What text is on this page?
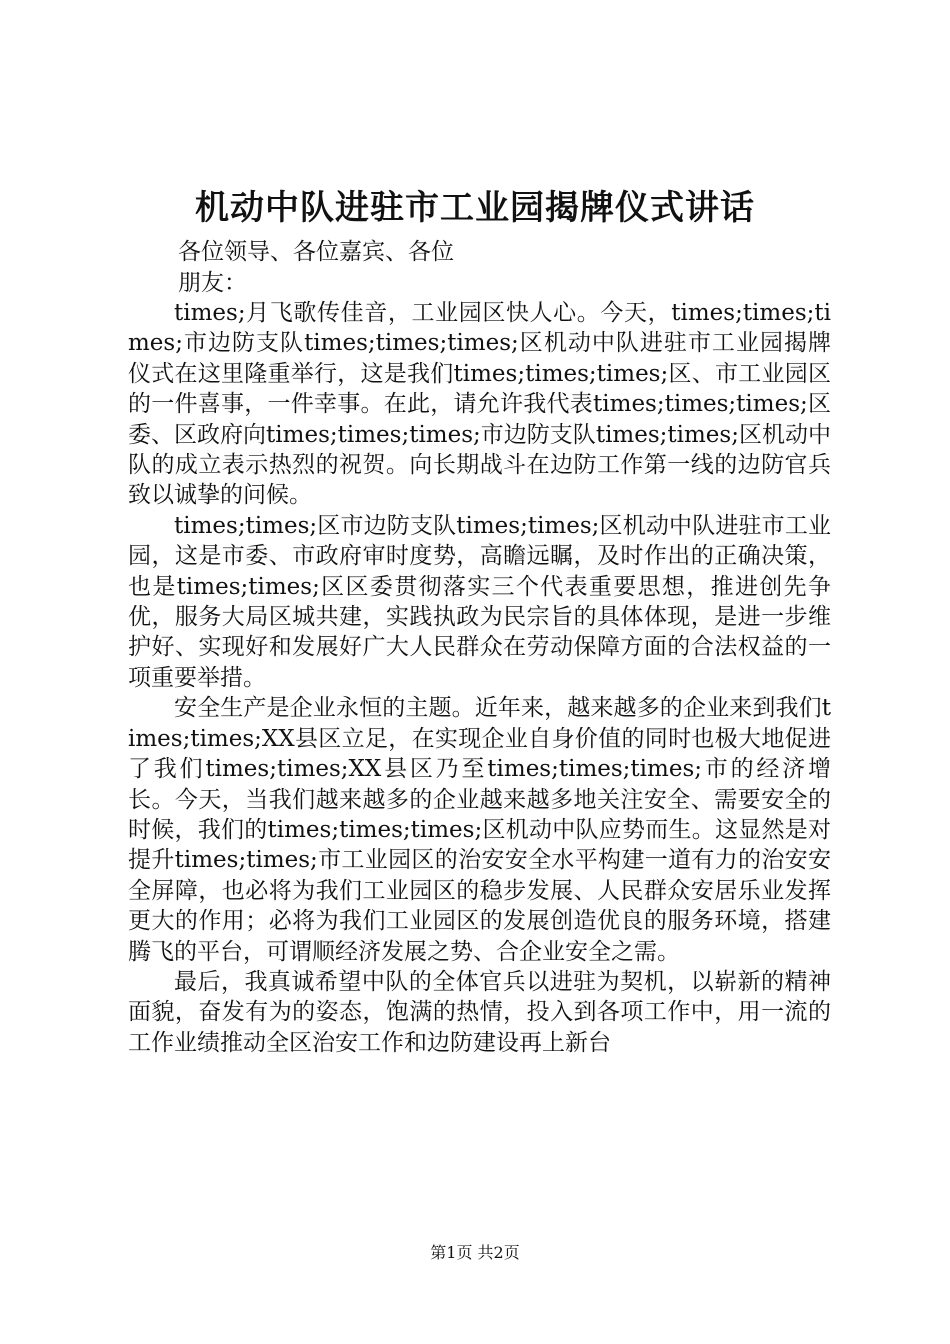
机动中队进驻市工业园揭牌仪式讲话

各位领导、各位嘉宾、各位

朋友：

times;月飞歌传佳音，工业园区快人心。今天，times;times;times;市边防支队times;times;times;区机动中队进驻市工业园揭牌仪式在这里隆重举行，这是我们times;times;times;区、市工业园区的一件喜事，一件幸事。在此，请允许我代表times;times;times;区委、区政府向times;times;times;市边防支队times;times;区机动中队的成立表示热烈的祝贺。向长期战斗在边防工作第一线的边防官兵致以诚挚的问候。

times;times;区市边防支队times;times;区机动中队进驻市工业园，这是市委、市政府审时度势，高瞻远瞩，及时作出的正确决策，也是times;times;区区委贯彻落实三个代表重要思想，推进创先争优，服务大局区城共建，实践执政为民宗旨的具体体现，是进一步维护好、实现好和发展好广大人民群众在劳动保障方面的合法权益的一项重要举措。

安全生产是企业永恒的主题。近年来，越来越多的企业来到我们times;times;XX县区立足，在实现企业自身价值的同时也极大地促进了我们times;times;XX县区乃至times;times;times;市的经济增长。今天，当我们越来越多的企业越来越多地关注安全、需要安全的时候，我们的times;times;times;区机动中队应势而生。这显然是对提升times;times;市工业园区的治安安全水平构建一道有力的治安安全屏障，也必将为我们工业园区的稳步发展、人民群众安居乐业发挥更大的作用；必将为我们工业园区的发展创造优良的服务环境，搭建腾飞的平台，可谓顺经济发展之势、合企业安全之需。

最后，我真诚希望中队的全体官兵以进驻为契机，以崭新的精神面貌，奋发有为的姿态，饱满的热情，投入到各项工作中，用一流的工作业绩推动全区治安工作和边防建设再上新台

第1页 共2页
